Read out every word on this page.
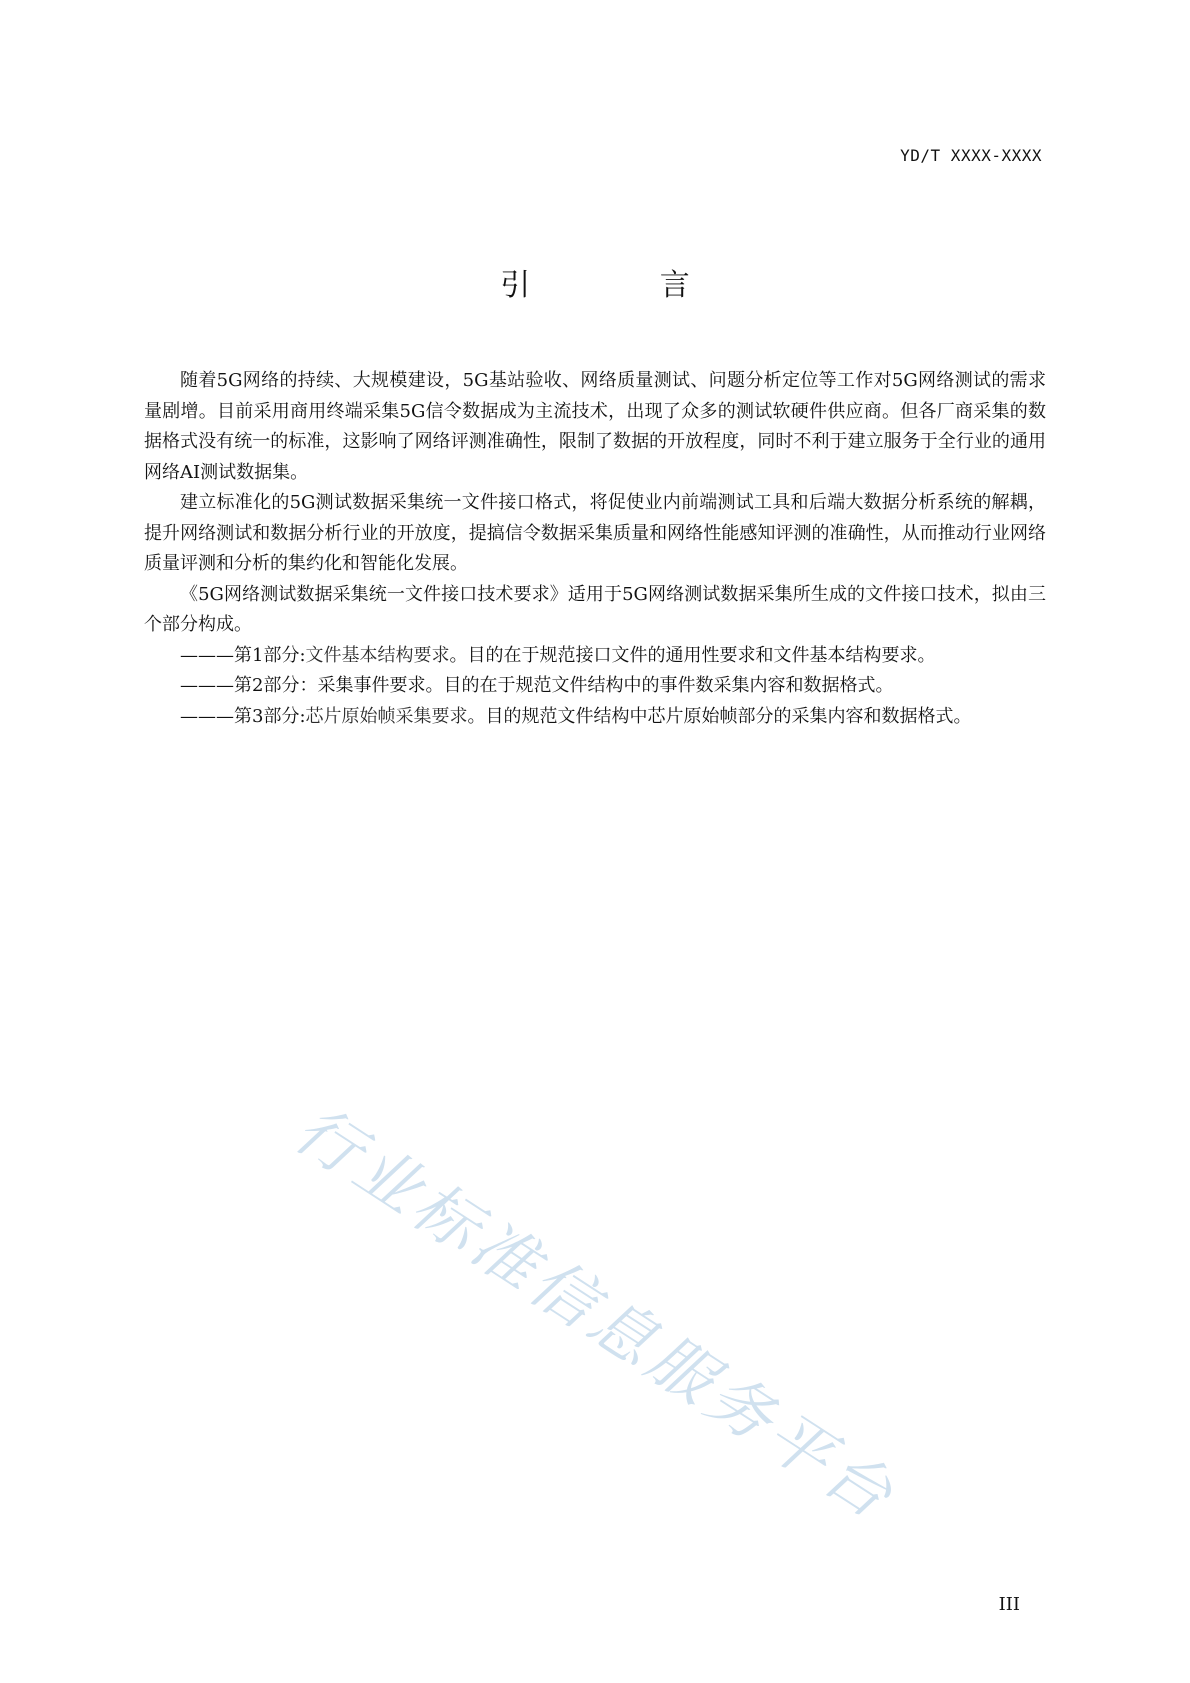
YD/T XXXX-XXXX
引 言

随着5G网络的持续、大规模建设，5G基站验收、网络质量测试、问题分析定位等工作对5G网络测试的需求量剧增。目前采用商用终端采集5G信令数据成为主流技术，出现了众多的测试软硬件供应商。但各厂商采集的数据格式没有统一的标准，这影响了网络评测准确性，限制了数据的开放程度，同时不利于建立服务于全行业的通用网络AI测试数据集。

建立标准化的5G测试数据采集统一文件接口格式，将促使业内前端测试工具和后端大数据分析系统的解耦，提升网络测试和数据分析行业的开放度，提搞信令数据采集质量和网络性能感知评测的准确性，从而推动行业网络质量评测和分析的集约化和智能化发展。

《5G网络测试数据采集统一文件接口技术要求》适用于5G网络测试数据采集所生成的文件接口技术，拟由三个部分构成。

———第1部分:文件基本结构要求。目的在于规范接口文件的通用性要求和文件基本结构要求。

———第2部分：采集事件要求。目的在于规范文件结构中的事件数采集内容和数据格式。

———第3部分:芯片原始帧采集要求。目的规范文件结构中芯片原始帧部分的采集内容和数据格式。

行业标准信息服务平台
III
